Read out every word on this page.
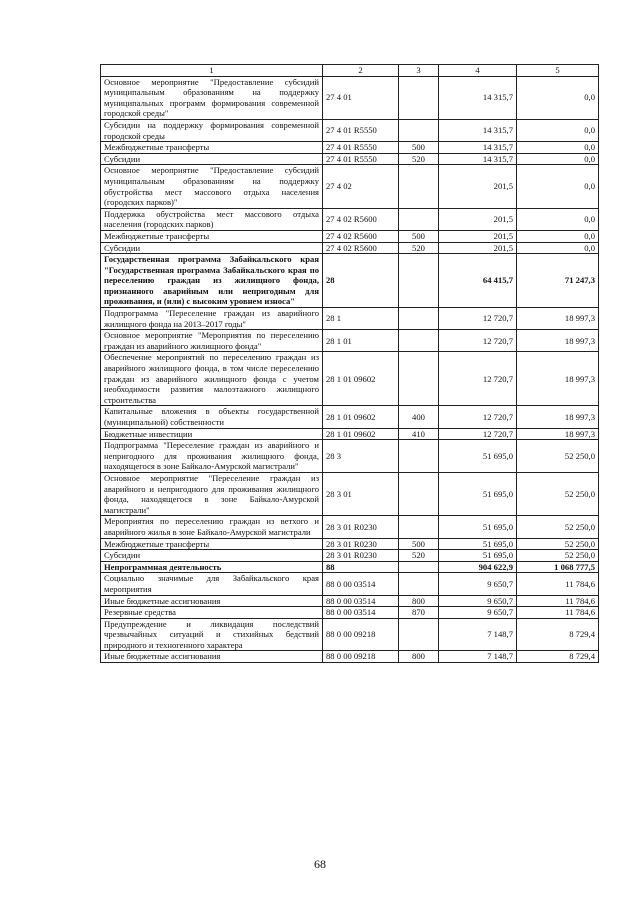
1	2	3	4	5
Основное мероприятие "Предоставление субсидий муниципальным образованиям на поддержку муниципальных программ формирования современной городской среды"	27 4 01		14 315,7	0,0
Субсидии на поддержку формирования современной городской среды	27 4 01 R5550		14 315,7	0,0
Межбюджетные трансферты	27 4 01 R5550	500	14 315,7	0,0
Субсидии	27 4 01 R5550	520	14 315,7	0,0
Основное мероприятие "Предоставление субсидий муниципальным образованиям на поддержку обустройства мест массового отдыха населения (городских парков)"	27 4 02		201,5	0,0
Поддержка обустройства мест массового отдыха населения (городских парков)	27 4 02 R5600		201,5	0,0
Межбюджетные трансферты	27 4 02 R5600	500	201,5	0,0
Субсидии	27 4 02 R5600	520	201,5	0,0
Государственная программа Забайкальского края "Государственная программа Забайкальского края по переселению граждан из жилищного фонда, признанного аварийным или непригодным для проживания, и (или) с высоким уровнем износа"	28		64 415,7	71 247,3
Подпрограмма "Переселение граждан из аварийного жилищного фонда на 2013–2017 годы"	28 1		12 720,7	18 997,3
Основное мероприятие "Мероприятия по переселению граждан из аварийного жилищного фонда"	28 1 01		12 720,7	18 997,3
Обеспечение мероприятий по переселению граждан из аварийного жилищного фонда, в том числе переселению граждан из аварийного жилищного фонда с учетом необходимости развития малоэтажного жилищного строительства	28 1 01 09602		12 720,7	18 997,3
Капитальные вложения в объекты государственной (муниципальной) собственности	28 1 01 09602	400	12 720,7	18 997,3
Бюджетные инвестиции	28 1 01 09602	410	12 720,7	18 997,3
Подпрограмма "Переселение граждан из аварийного и непригодного для проживания жилищного фонда, находящегося в зоне Байкало-Амурской магистрали"	28 3		51 695,0	52 250,0
Основное мероприятие "Переселение граждан из аварийного и непригодного для проживания жилищного фонда, находящегося в зоне Байкало-Амурской магистрали"	28 3 01		51 695,0	52 250,0
Мероприятия по переселению граждан из ветхого и аварийного жилья в зоне Байкало-Амурской магистрали	28 3 01 R0230		51 695,0	52 250,0
Межбюджетные трансферты	28 3 01 R0230	500	51 695,0	52 250,0
Субсидии	28 3 01 R0230	520	51 695,0	52 250,0
Непрограммная деятельность	88		904 622,9	1 068 777,5
Социально значимые для Забайкальского края мероприятия	88 0 00 03514		9 650,7	11 784,6
Иные бюджетные ассигнования	88 0 00 03514	800	9 650,7	11 784,6
Резервные средства	88 0 00 03514	870	9 650,7	11 784,6
Предупреждение и ликвидация последствий чрезвычайных ситуаций и стихийных бедствий природного и техногенного характера	88 0 00 09218		7 148,7	8 729,4
Иные бюджетные ассигнования	88 0 00 09218	800	7 148,7	8 729,4
68
